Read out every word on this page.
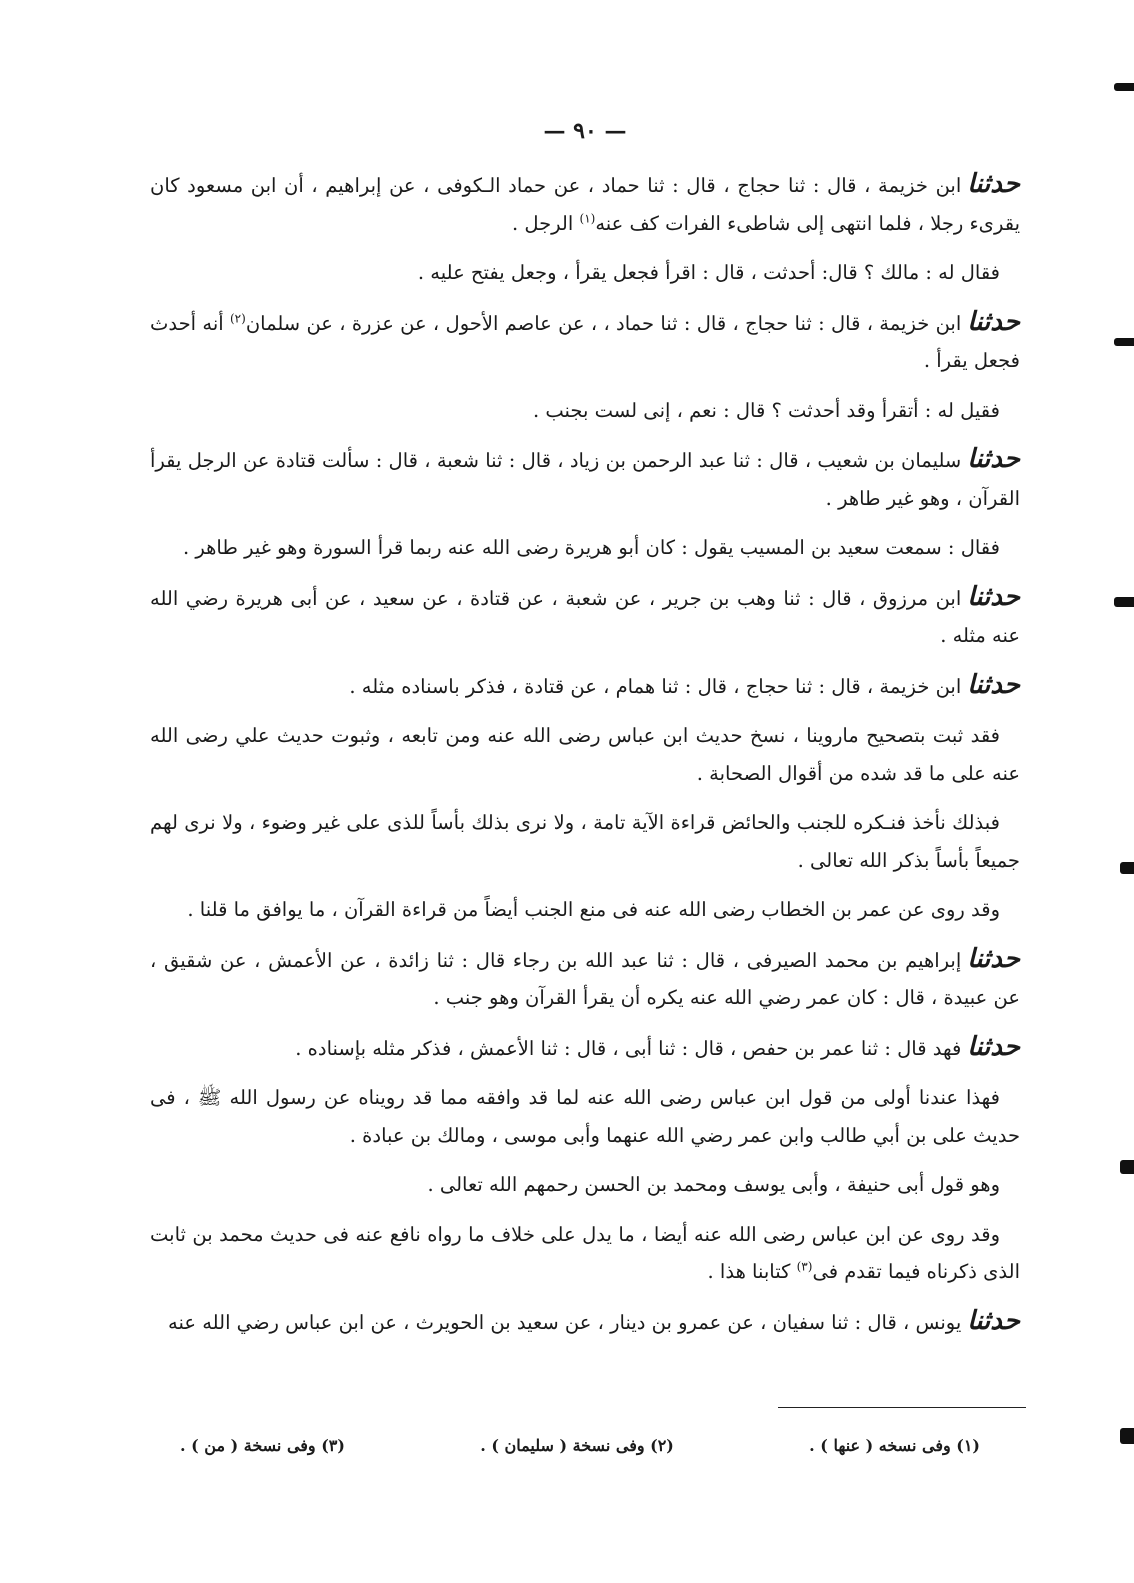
— ٩٠ —

حدثناابن خزيمة ، قال : ثنا حجاج ، قال : ثنا حماد ، عن حماد الـكوفى ، عن إبراهيم ، أن ابن مسعود كان يقرىء رجلا ، فلما انتهى إلى شاطىء الفرات كف عنه$^{(١)}$ الرجل .

فقال له : مالك ؟ قال: أحدثت ، قال : اقرأ فجعل يقرأ ، وجعل يفتح عليه .

حدثناابن خزيمة ، قال : ثنا حجاج ، قال : ثنا حماد ، ، عن عاصم الأحول ، عن عزرة ، عن سلمان$^{(٢)}$ أنه أحدث فجعل يقرأ .

فقيل له : أتقرأ وقد أحدثت ؟ قال : نعم ، إنى لست بجنب .

حدثناسليمان بن شعيب ، قال : ثنا عبد الرحمن بن زياد ، قال : ثنا شعبة ، قال : سألت قتادة عن الرجل يقرأ القرآن ، وهو غير طاهر .

فقال : سمعت سعيد بن المسيب يقول : كان أبو هريرة رضى الله عنه ربما قرأ السورة وهو غير طاهر .

حدثناابن مرزوق ، قال : ثنا وهب بن جرير ، عن شعبة ، عن قتادة ، عن سعيد ، عن أبى هريرة رضي الله عنه مثله .

حدثناابن خزيمة ، قال : ثنا حجاج ، قال : ثنا همام ، عن قتادة ، فذكر باسناده مثله .

فقد ثبت بتصحيح ماروينا ، نسخ حديث ابن عباس رضى الله عنه ومن تابعه ، وثبوت حديث علي رضى الله عنه على ما قد شده من أقوال الصحابة .

فبذلك نأخذ فنـكره للجنب والحائض قراءة الآية تامة ، ولا نرى بذلك بأساً للذى على غير وضوء ، ولا نرى لهم جميعاً بأساً بذكر الله تعالى .

وقد روى عن عمر بن الخطاب رضى الله عنه فى منع الجنب أيضاً من قراءة القرآن ، ما يوافق ما قلنا .

حدثناإبراهيم بن محمد الصيرفى ، قال : ثنا عبد الله بن رجاء قال : ثنا زائدة ، عن الأعمش ، عن شقيق ، عن عبيدة ، قال : كان عمر رضي الله عنه يكره أن يقرأ القرآن وهو جنب .

حدثنافهد قال : ثنا عمر بن حفص ، قال : ثنا أبى ، قال : ثنا الأعمش ، فذكر مثله بإسناده .

فهذا عندنا أولى من قول ابن عباس رضى الله عنه لما قد وافقه مما قد رويناه عن رسول الله ﷺ ، فى حديث على بن أبي طالب وابن عمر رضي الله عنهما وأبى موسى ، ومالك بن عبادة .

وهو قول أبى حنيفة ، وأبى يوسف ومحمد بن الحسن رحمهم الله تعالى .

وقد روى عن ابن عباس رضى الله عنه أيضا ، ما يدل على خلاف ما رواه نافع عنه فى حديث محمد بن ثابت الذى ذكرناه فيما تقدم فى$^{(٣)}$ كتابنا هذا .

حدثنايونس ، قال : ثنا سفيان ، عن عمرو بن دينار ، عن سعيد بن الحويرث ، عن ابن عباس رضي الله عنه

(١) وفى نسخه ( عنها ) .
(٢) وفى نسخة ( سليمان ) .
(٣) وفى نسخة ( من ) .
